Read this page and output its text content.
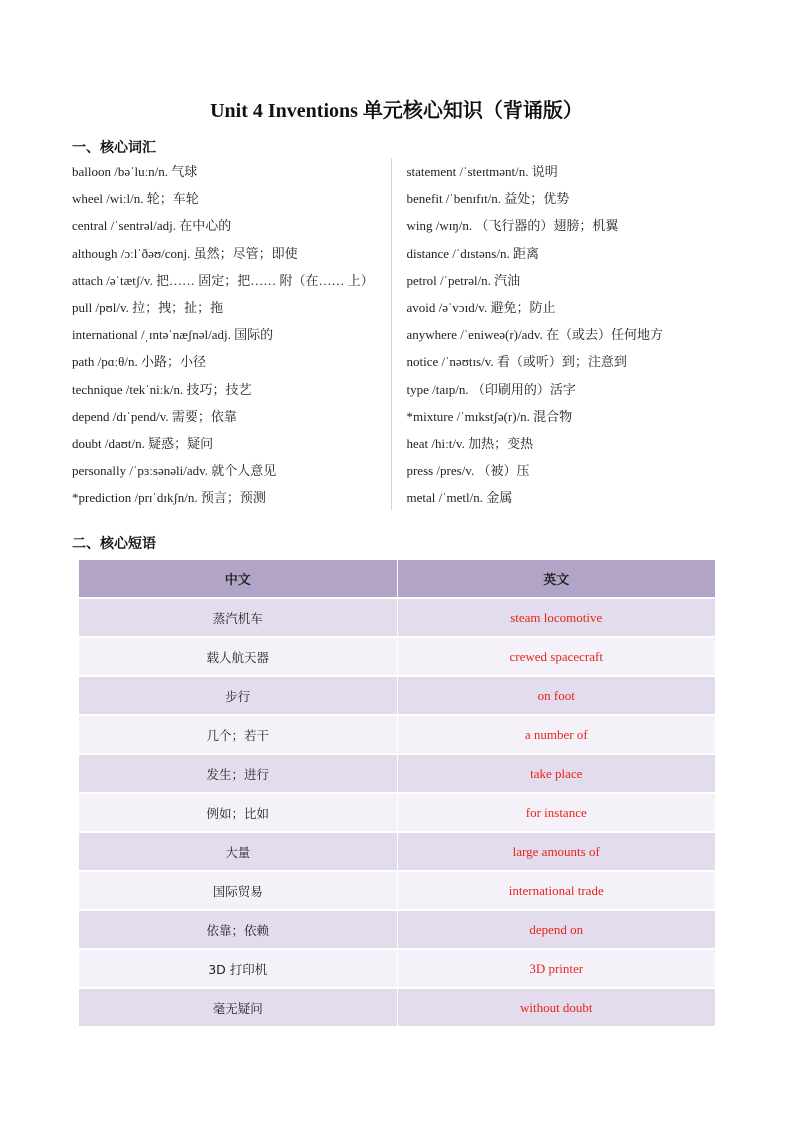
Unit 4 Inventions 单元核心知识（背诵版）
一、核心词汇
balloon /bəˈluːn/n. 气球
wheel /wiːl/n. 轮；车轮
central /ˈsentrəl/adj. 在中心的
although /ɔːlˈðəʊ/conj. 虽然；尽管；即使
attach /əˈtætʃ/v. 把…… 固定；把…… 附（在…… 上）
pull /pʊl/v. 拉；拽；扯；拖
international /ˌɪntəˈnæʃnəl/adj. 国际的
path /pɑːθ/n. 小路；小径
technique /tekˈniːk/n. 技巧；技艺
depend /dɪˈpend/v. 需要；依靠
doubt /daʊt/n. 疑惑；疑问
personally /ˈpɜːsənəli/adv. 就个人意见
*prediction /prɪˈdɪkʃn/n. 预言；预测
statement /ˈsteɪtmənt/n. 说明
benefit /ˈbenɪfɪt/n. 益处；优势
wing /wɪŋ/n. （飞行器的）翅膀；机翼
distance /ˈdɪstəns/n. 距离
petrol /ˈpetrəl/n. 汽油
avoid /əˈvɔɪd/v. 避免；防止
anywhere /ˈeniweə(r)/adv. 在（或去）任何地方
notice /ˈnəʊtɪs/v. 看（或听）到；注意到
type /taɪp/n. （印刷用的）活字
*mixture /ˈmɪkstʃə(r)/n. 混合物
heat /hiːt/v. 加热；变热
press /pres/v. （被）压
metal /ˈmetl/n. 金属
二、核心短语
中文	英文
蒸汽机车	steam locomotive
载人航天器	crewed spacecraft
步行	on foot
几个；若干	a number of
发生；进行	take place
例如；比如	for instance
大量	large amounts of
国际贸易	international trade
依靠；依赖	depend on
3D 打印机	3D printer
毫无疑问	without doubt
